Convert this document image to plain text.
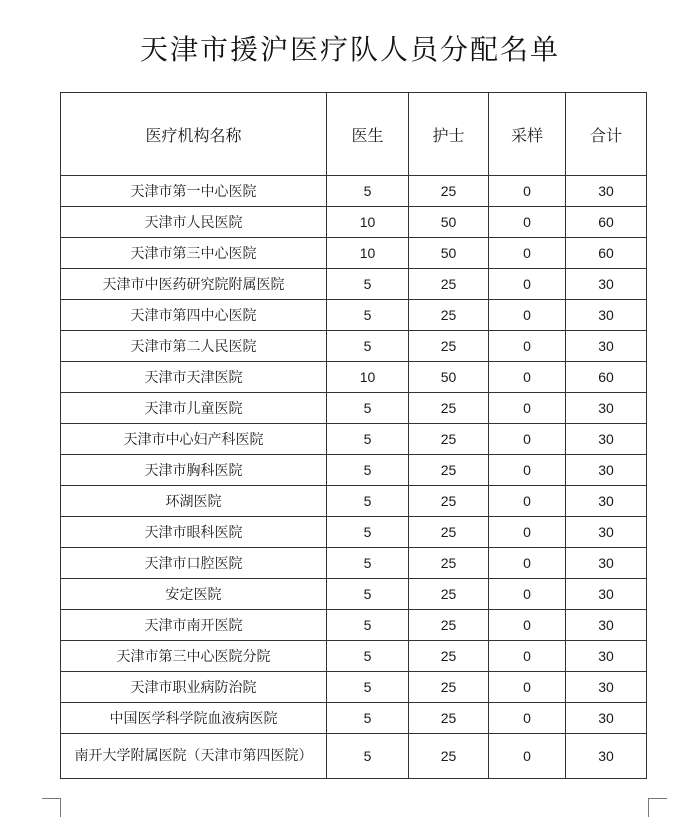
天津市援沪医疗队人员分配名单
医疗机构名称	医生	护士	采样	合计
天津市第一中心医院	5	25	0	30
天津市人民医院	10	50	0	60
天津市第三中心医院	10	50	0	60
天津市中医药研究院附属医院	5	25	0	30
天津市第四中心医院	5	25	0	30
天津市第二人民医院	5	25	0	30
天津市天津医院	10	50	0	60
天津市儿童医院	5	25	0	30
天津市中心妇产科医院	5	25	0	30
天津市胸科医院	5	25	0	30
环湖医院	5	25	0	30
天津市眼科医院	5	25	0	30
天津市口腔医院	5	25	0	30
安定医院	5	25	0	30
天津市南开医院	5	25	0	30
天津市第三中心医院分院	5	25	0	30
天津市职业病防治院	5	25	0	30
中国医学科学院血液病医院	5	25	0	30
南开大学附属医院（天津市第四医院）	5	25	0	30
